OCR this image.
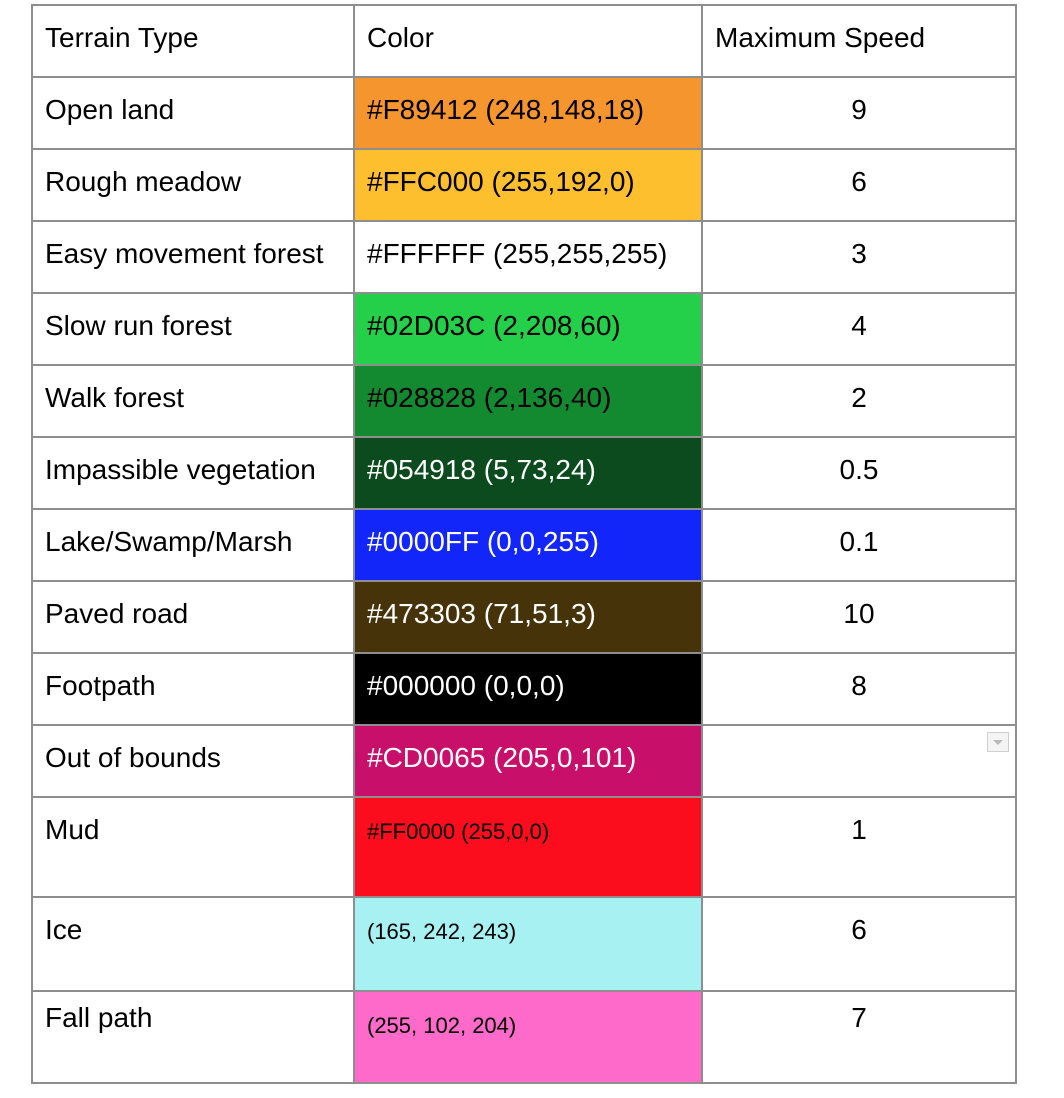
Terrain Type	Color	Maximum Speed

Open land	#F89412 (248,148,18)	9

Rough meadow	#FFC000 (255,192,0)	6

Easy movement forest	#FFFFFF (255,255,255)	3

Slow run forest	#02D03C (2,208,60)	4

Walk forest	#028828 (2,136,40)	2

Impassible vegetation	#054918 (5,73,24)	0.5

Lake/Swamp/Marsh	#0000FF (0,0,255)	0.1

Paved road	#473303 (71,51,3)	10

Footpath	#000000 (0,0,0)	8

Out of bounds	#CD0065 (205,0,101)	

Mud	#FF0000 (255,0,0)	1

Ice	(165, 242, 243)	6

Fall path	(255, 102, 204)	7
